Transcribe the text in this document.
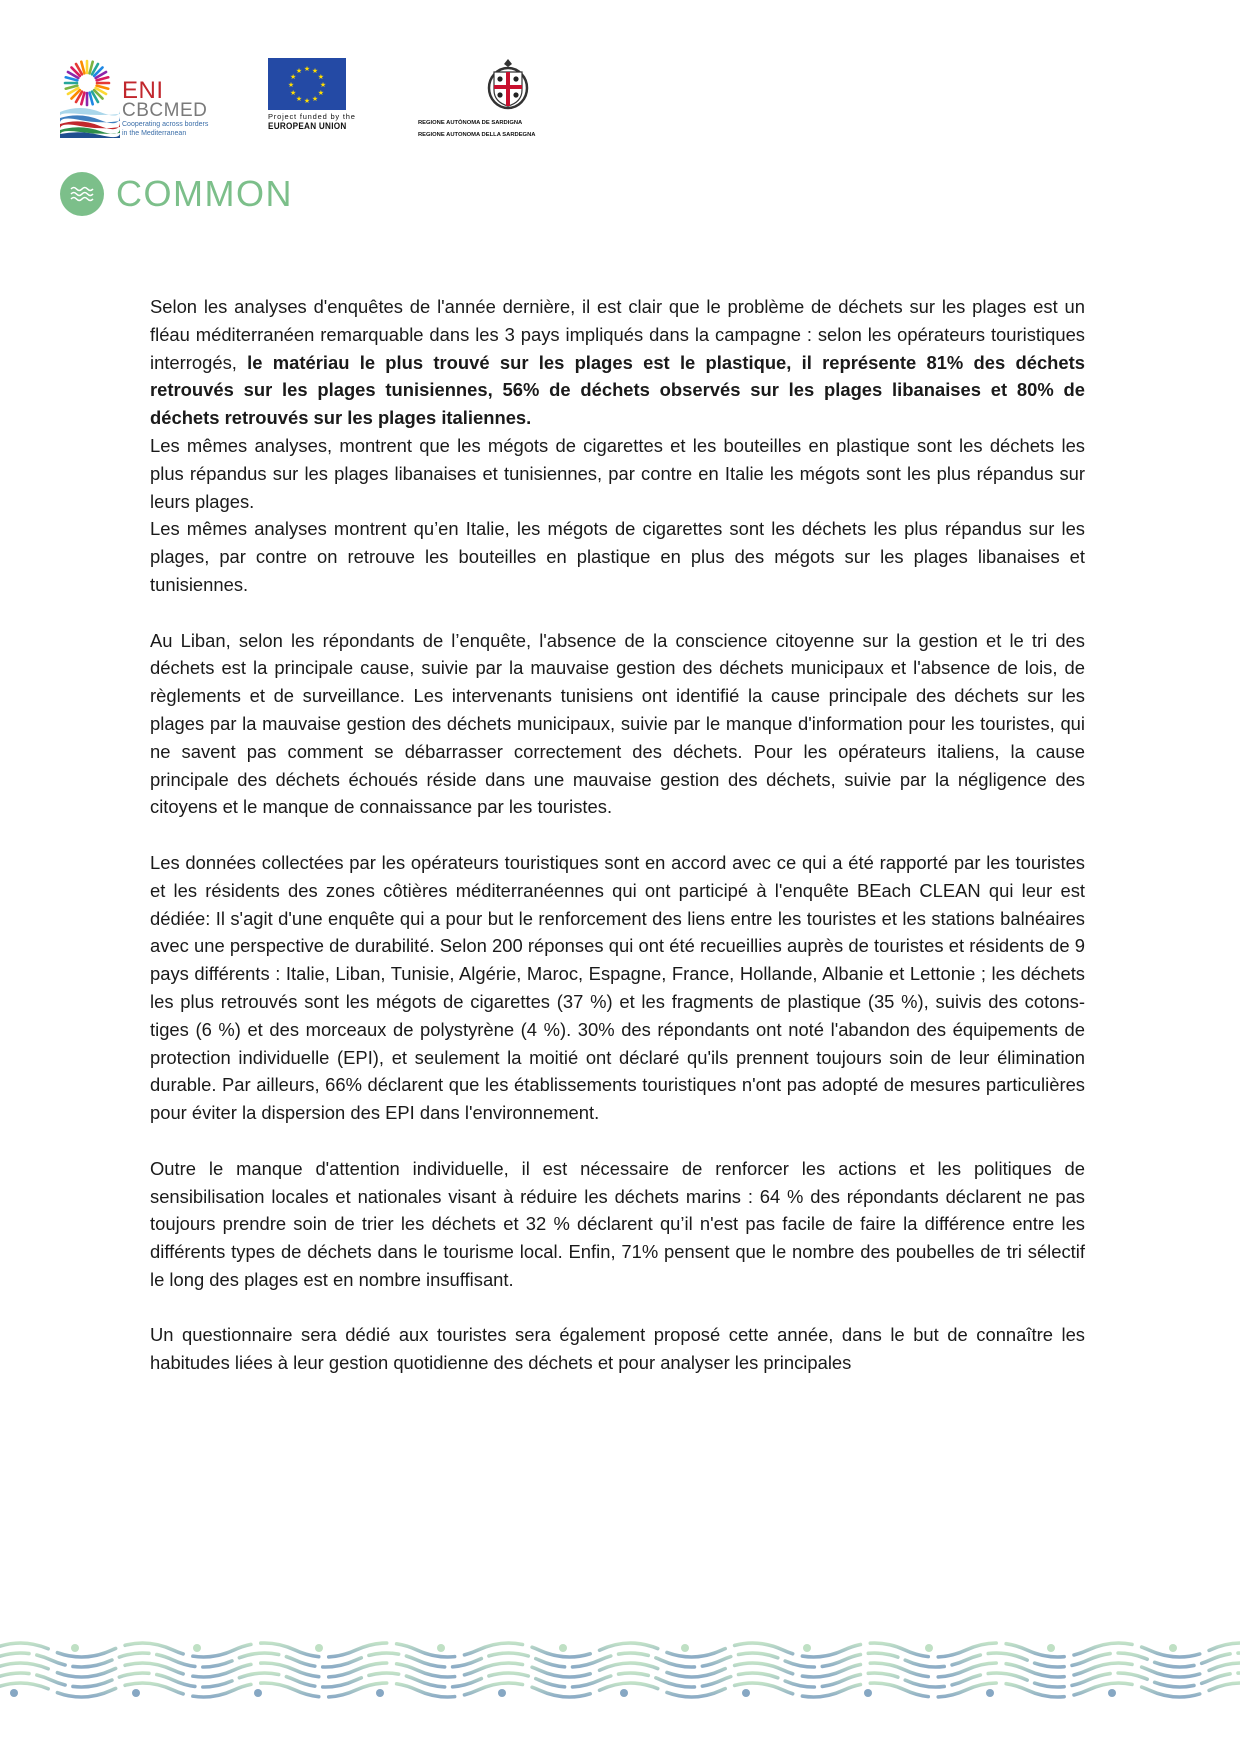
ENI
CBCMED
Cooperating across borders
in the Mediterranean
★
★
★
★
★
★
★
★
★ ★ ★
★
Project funded by the
EUROPEAN UNION	REGIONE AUTÒNOMA DE SARDIGNA
REGIONE AUTONOMA DELLA SARDEGNA
COMMON

Selon les analyses d'enquêtes de l'année dernière, il est clair que le problème de déchets sur les plages est un fléau méditerranéen remarquable dans les 3 pays impliqués dans la campagne : selon les opérateurs touristiques interrogés, le matériau le plus trouvé sur les plages est le plastique, il représente 81% des déchets retrouvés sur les plages tunisiennes, 56% de déchets observés sur les plages libanaises et 80% de déchets retrouvés sur les plages italiennes.

Les mêmes analyses, montrent que les mégots de cigarettes et les bouteilles en plastique sont les déchets les plus répandus sur les plages libanaises et tunisiennes, par contre en Italie les mégots sont les plus répandus sur leurs plages.

Les mêmes analyses montrent qu’en Italie, les mégots de cigarettes sont les déchets les plus répandus sur les plages, par contre on retrouve les bouteilles en plastique en plus des mégots sur les plages libanaises et tunisiennes.

Au Liban, selon les répondants de l’enquête, l'absence de la conscience citoyenne sur la gestion et le tri des déchets est la principale cause, suivie par la mauvaise gestion des déchets municipaux et l'absence de lois, de règlements et de surveillance. Les intervenants tunisiens ont identifié la cause principale des déchets sur les plages par la mauvaise gestion des déchets municipaux, suivie par le manque d'information pour les touristes, qui ne savent pas comment se débarrasser correctement des déchets. Pour les opérateurs italiens, la cause principale des déchets échoués réside dans une mauvaise gestion des déchets, suivie par la négligence des citoyens et le manque de connaissance par les touristes.

Les données collectées par les opérateurs touristiques sont en accord avec ce qui a été rapporté par les touristes et les résidents des zones côtières méditerranéennes qui ont participé à l'enquête BEach CLEAN qui leur est dédiée: Il s'agit d'une enquête qui a pour but le renforcement des liens entre les touristes et les stations balnéaires avec une perspective de durabilité. Selon 200 réponses qui ont été recueillies auprès de touristes et résidents de 9 pays différents : Italie, Liban, Tunisie, Algérie, Maroc, Espagne, France, Hollande, Albanie et Lettonie ; les déchets les plus retrouvés sont les mégots de cigarettes (37 %) et les fragments de plastique (35 %), suivis des cotons-tiges (6 %) et des morceaux de polystyrène (4 %). 30% des répondants ont noté l'abandon des équipements de protection individuelle (EPI), et seulement la moitié ont déclaré qu'ils prennent toujours soin de leur élimination durable. Par ailleurs, 66% déclarent que les établissements touristiques n'ont pas adopté de mesures particulières pour éviter la dispersion des EPI dans l'environnement.

Outre le manque d'attention individuelle, il est nécessaire de renforcer les actions et les politiques de sensibilisation locales et nationales visant à réduire les déchets marins : 64 % des répondants déclarent ne pas toujours prendre soin de trier les déchets et 32 % déclarent qu’il n'est pas facile de faire la différence entre les différents types de déchets dans le tourisme local. Enfin, 71% pensent que le nombre des poubelles de tri sélectif le long des plages est en nombre insuffisant.

Un questionnaire sera dédié aux touristes sera également proposé cette année, dans le but de connaître les habitudes liées à leur gestion quotidienne des déchets et pour analyser les principales
